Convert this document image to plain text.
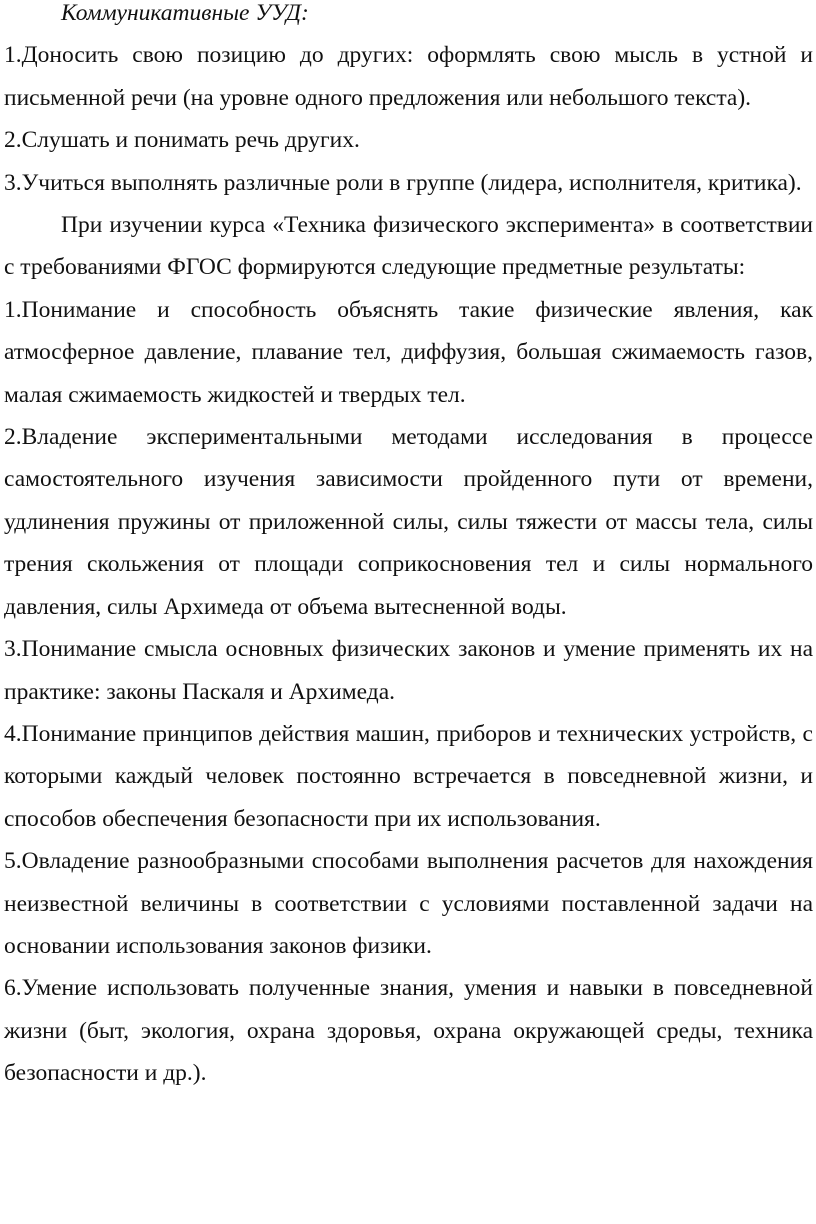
Коммуникативные УУД:

1.Доносить свою позицию до других: оформлять свою мысль в устной и письменной речи (на уровне одного предложения или небольшого текста).

2.Слушать и понимать речь других.

3.Учиться выполнять различные роли в группе (лидера, исполнителя, критика).

При изучении курса «Техника физического эксперимента» в соответствии с требованиями ФГОС формируются следующие предметные результаты:

1.Понимание и способность объяснять такие физические явления, как атмосферное давление, плавание тел, диффузия, большая сжимаемость газов, малая сжимаемость жидкостей и твердых тел.

2.Владение экспериментальными методами исследования в процессе самостоятельного изучения зависимости пройденного пути от времени, удлинения пружины от приложенной силы, силы тяжести от массы тела, силы трения скольжения от площади соприкосновения тел и силы нормального давления, силы Архимеда от объема вытесненной воды.

3.Понимание смысла основных физических законов и умение применять их на практике: законы Паскаля и Архимеда.

4.Понимание принципов действия машин, приборов и технических устройств, с которыми каждый человек постоянно встречается в повседневной жизни, и способов обеспечения безопасности при их использования.

5.Овладение разнообразными способами выполнения расчетов для нахождения неизвестной величины в соответствии с условиями поставленной задачи на основании использования законов физики.

6.Умение использовать полученные знания, умения и навыки в повседневной жизни (быт, экология, охрана здоровья, охрана окружающей среды, техника безопасности и др.).
